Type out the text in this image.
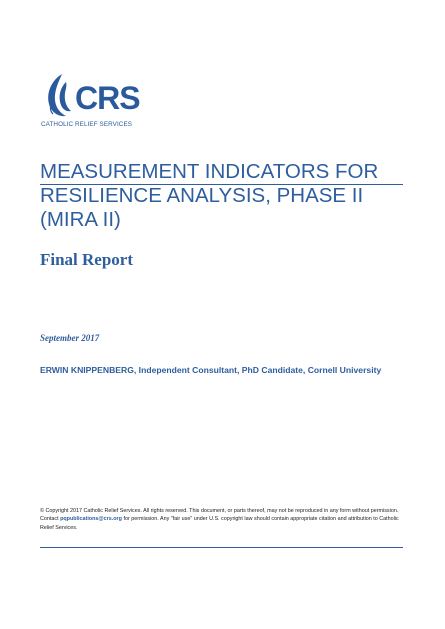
CRS
CATHOLIC RELIEF SERVICES
MEASUREMENT INDICATORS FOR
RESILIENCE ANALYSIS, PHASE II
(MIRA II)
Final Report
September 2017
ERWIN KNIPPENBERG, Independent Consultant, PhD Candidate, Cornell University
© Copyright 2017 Catholic Relief Services. All rights reserved. This document, or parts thereof, may not be reproduced in any form without permission. Contact pqpublications@crs.org for permission. Any "fair use" under U.S. copyright law should contain appropriate citation and attribution to Catholic Relief Services.
